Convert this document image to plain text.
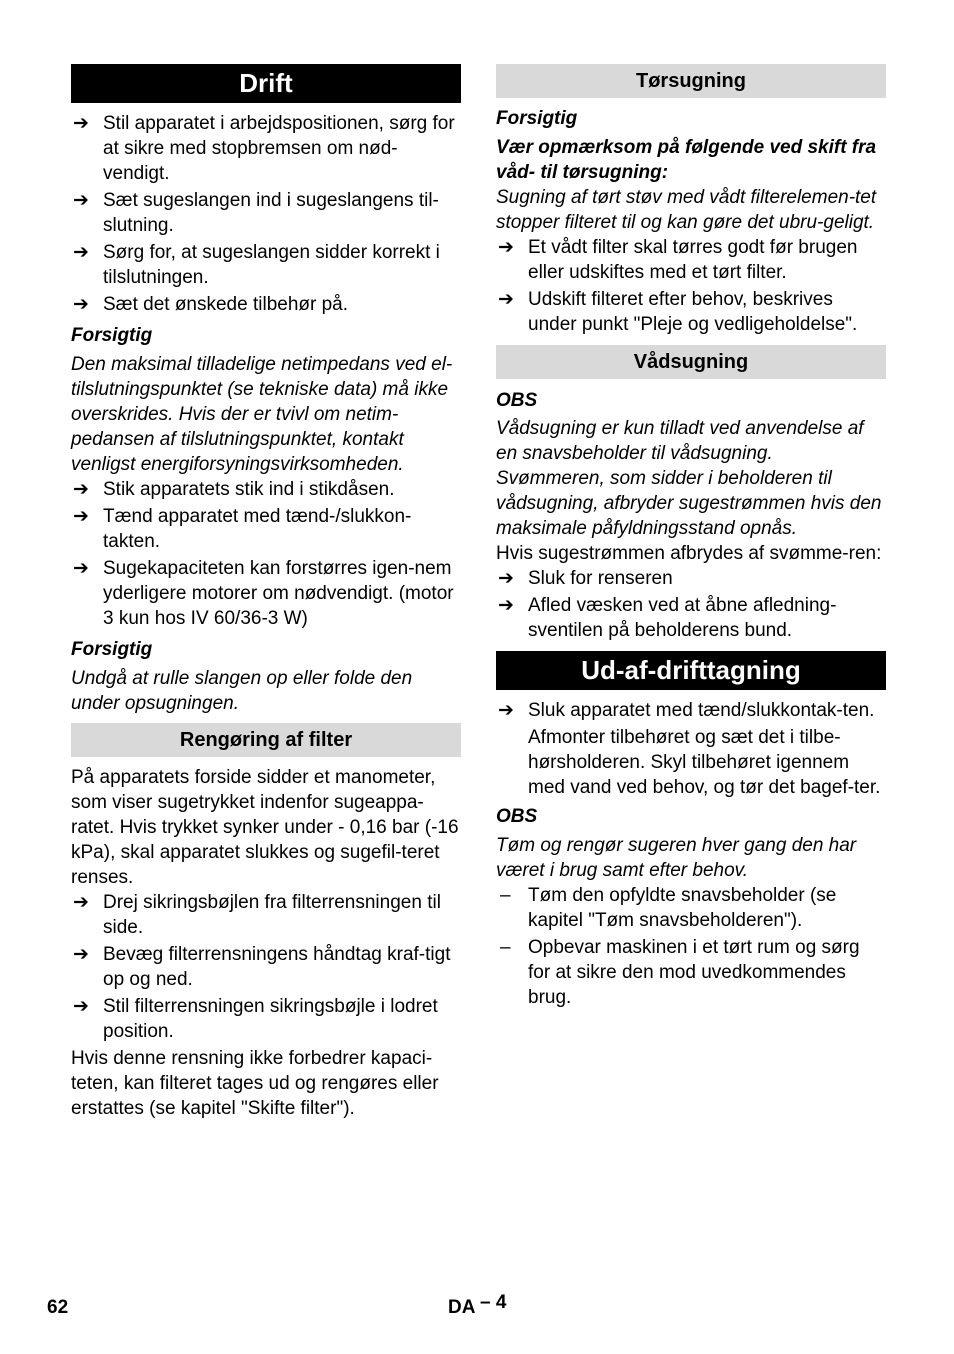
Drift
➔ Stil apparatet i arbejdspositionen, sørg for at sikre med stopbremsen om nød-vendigt.
➔ Sæt sugeslangen ind i sugeslangens til-slutning.
➔ Sørg for, at sugeslangen sidder korrekt i tilslutningen.
➔ Sæt det ønskede tilbehør på.
Forsigtig
Den maksimal tilladelige netimpedans ved el-tilslutningspunktet (se tekniske data) må ikke overskrides. Hvis der er tvivl om netim-pedansen af tilslutningspunktet, kontakt venligst energiforsyningsvirksomheden.
➔ Stik apparatets stik ind i stikdåsen.
➔ Tænd apparatet med tænd-/slukkon-takten.
➔ Sugekapaciteten kan forstørres igen-nem yderligere motorer om nødvendigt. (motor 3 kun hos IV 60/36-3 W)
Forsigtig
Undgå at rulle slangen op eller folde den under opsugningen.
Rengøring af filter
På apparatets forside sidder et manometer, som viser sugetrykket indenfor sugeappa-ratet. Hvis trykket synker under - 0,16 bar (-16 kPa), skal apparatet slukkes og sugefil-teret renses.
➔ Drej sikringsbøjlen fra filterrensningen til side.
➔ Bevæg filterrensningens håndtag kraf-tigt op og ned.
➔ Stil filterrensningen sikringsbøjle i lodret position.
Hvis denne rensning ikke forbedrer kapaci-teten, kan filteret tages ud og rengøres eller erstattes (se kapitel "Skifte filter").
Tørsugning
Forsigtig
Vær opmærksom på følgende ved skift fra våd- til tørsugning:
Sugning af tørt støv med vådt filterelemen-tet stopper filteret til og kan gøre det ubru-geligt.
➔ Et vådt filter skal tørres godt før brugen eller udskiftes med et tørt filter.
➔ Udskift filteret efter behov, beskrives under punkt "Pleje og vedligeholdelse".
Vådsugning
OBS
Vådsugning er kun tilladt ved anvendelse af en snavsbeholder til vådsugning. Svømmeren, som sidder i beholderen til vådsugning, afbryder sugestrømmen hvis den maksimale påfyldningsstand opnås.
Hvis sugestrømmen afbrydes af svømme-ren:
➔ Sluk for renseren
➔ Afled væsken ved at åbne afledning-sventilen på beholderens bund.
Ud-af-drifttagning
➔ Sluk apparatet med tænd/slukkontak-ten.
Afmonter tilbehøret og sæt det i tilbe-hørsholderen. Skyl tilbehøret igennem med vand ved behov, og tør det bagef-ter.
OBS
Tøm og rengør sugeren hver gang den har været i brug samt efter behov.
– Tøm den opfyldte snavsbeholder (se kapitel "Tøm snavsbeholderen").
– Opbevar maskinen i et tørt rum og sørg for at sikre den mod uvedkommendes brug.
62	DA – 4
